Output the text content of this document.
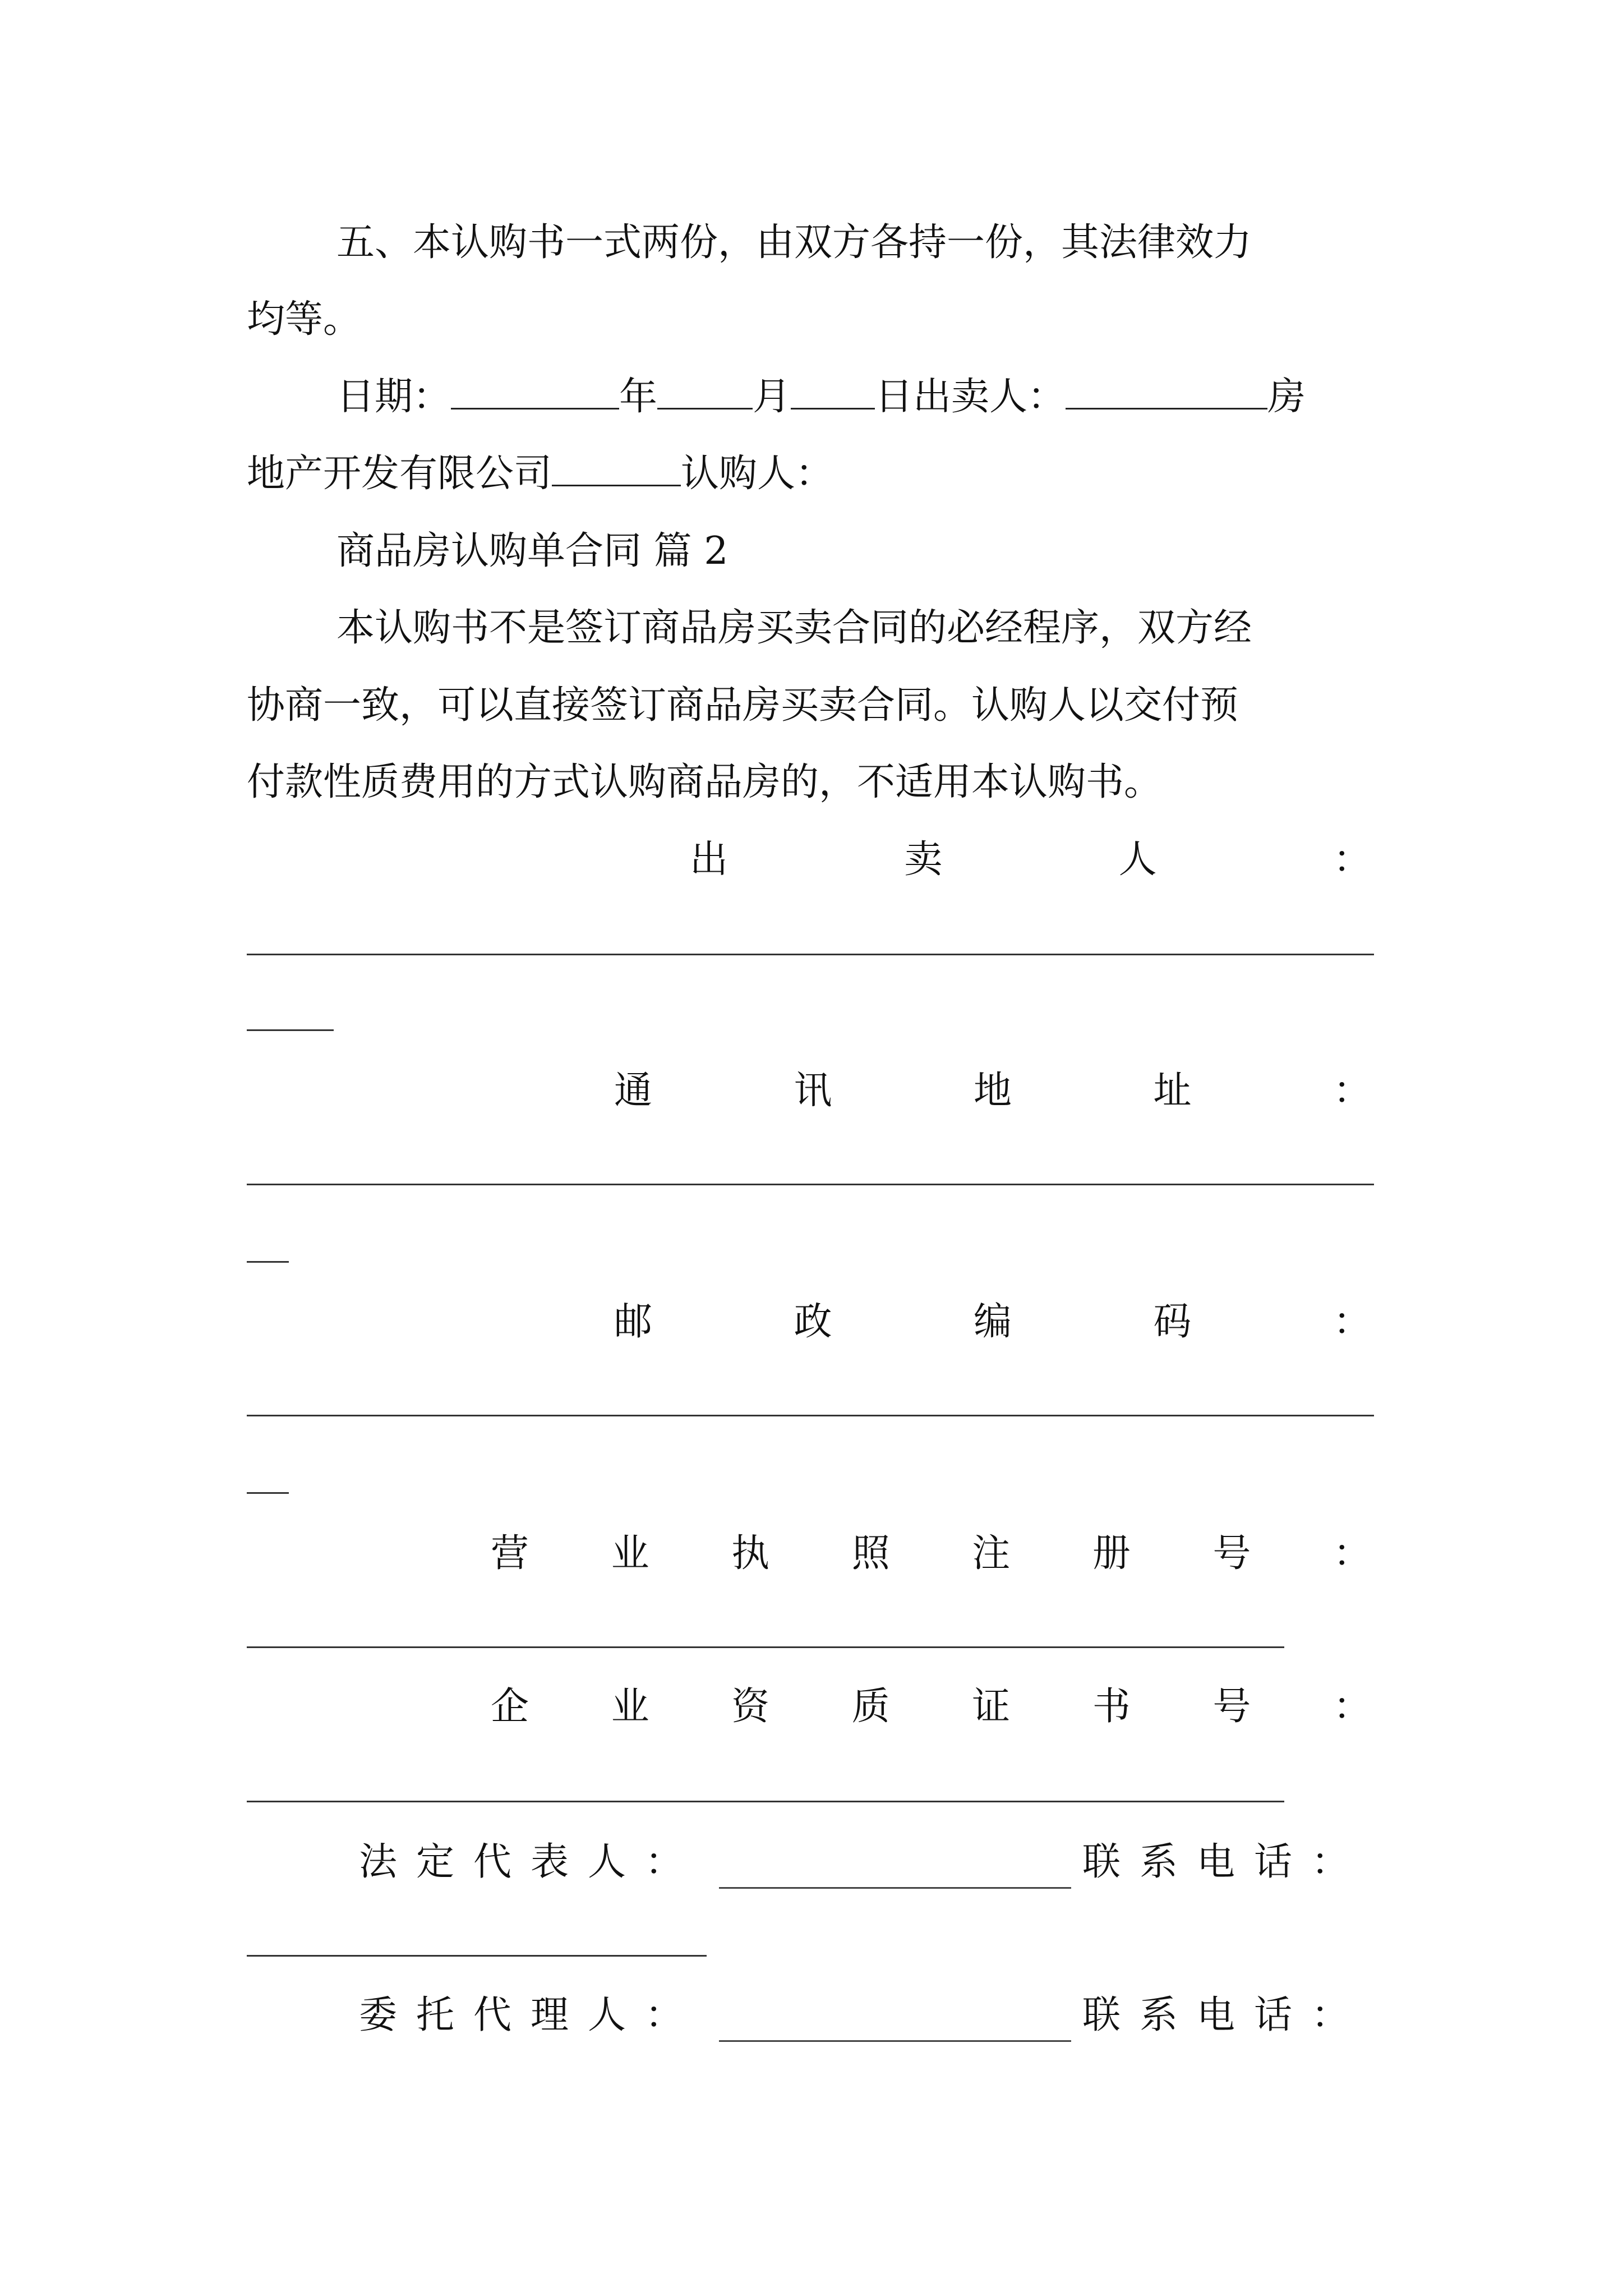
五、本认购书一式两份，由双方各持一份，其法律效力
均等。
日期：	年	月 日出卖人：	房
地产开发有限公司	认购人：
商品房认购单合同 篇 2
本认购书不是签订商品房买卖合同的必经程序，双方经
协商一致，可以直接签订商品房买卖合同。认购人以交付预
付款性质费用的方式认购商品房的，不适用本认购书。
出	卖	人	：
通	讯	地	址	：
邮	政	编	码	：
营 业 执 照 注 册 号 ：
企 业 资 质 证 书 号 ：
法定代表人：	联系电话：
委托代理人：	联系电话：
